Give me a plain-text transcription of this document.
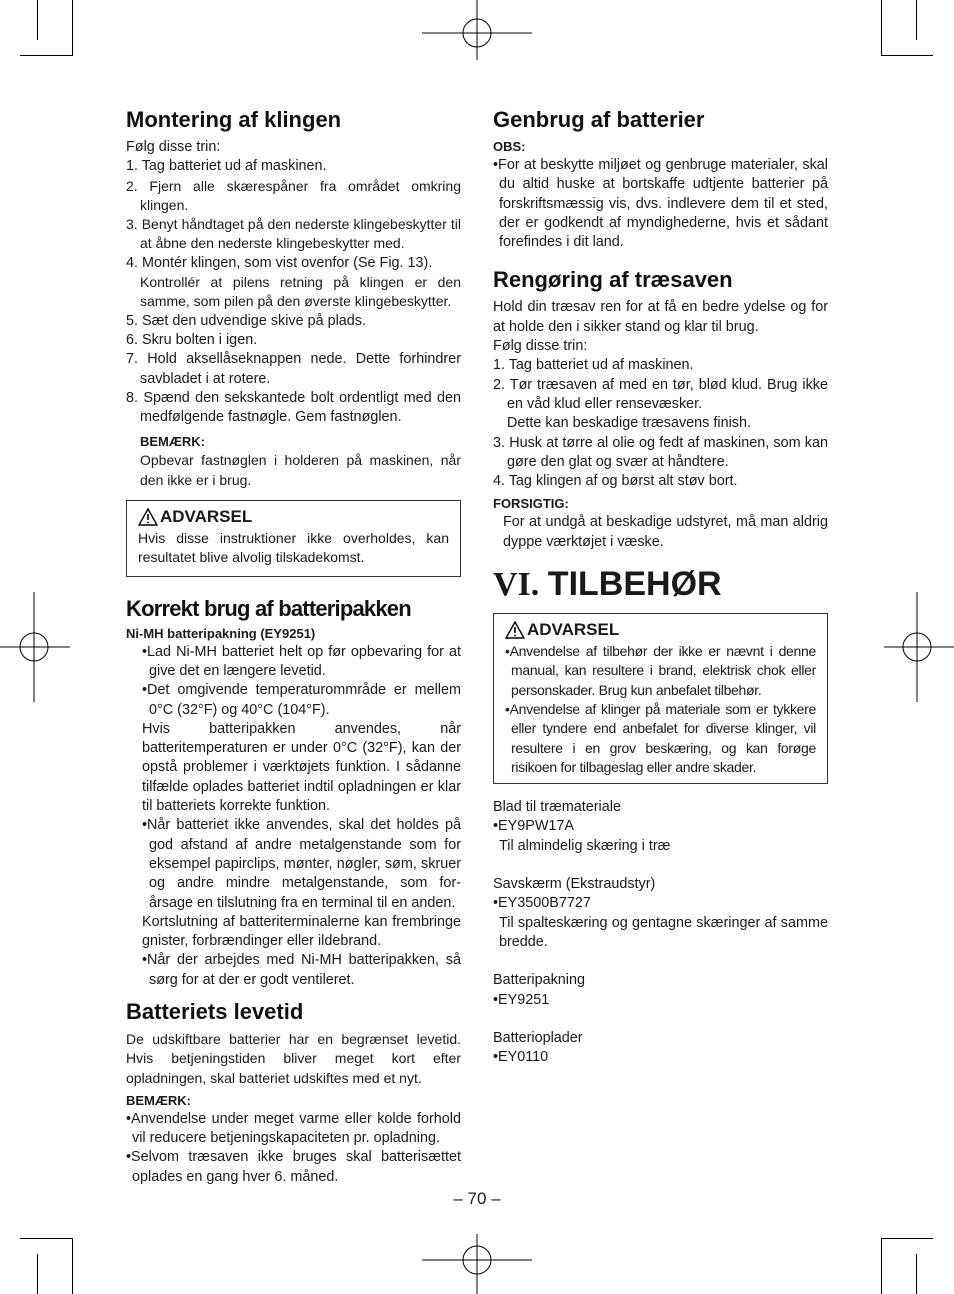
Montering af klingen

Følg disse trin:

1. Tag batteriet ud af maskinen.
2. Fjern alle skærespåner fra området omkring klingen.
3. Benyt håndtaget på den nederste klingebeskytter til at åbne den nederste klingebeskytter med.
4. Montér klingen, som vist ovenfor (Se Fig. 13).
Kontrollér at pilens retning på klingen er den samme, som pilen på den øverste klingebeskytter.
5. Sæt den udvendige skive på plads.
6. Skru bolten i igen.
7. Hold aksellåseknappen nede. Dette forhindrer savbladet i at rotere.
8. Spænd den sekskantede bolt ordentligt med den medfølgende fastnøgle. Gem fastnøglen.
BEMÆRK:

Opbevar fastnøglen i holderen på maskinen, når den ikke er i brug.

ADVARSEL

Hvis disse instruktioner ikke overholdes, kan resultatet blive alvolig tilskadekomst.

Korrekt brug af batteripakken
Ni-MH batteripakning (EY9251)
•Lad Ni-MH batteriet helt op før opbevaring for at give det en længere levetid.
•Det omgivende temperaturommråde er mellem 0°C (32°F) og 40°C (104°F).
Hvis batteripakken anvendes, når batteritemperaturen er under 0°C (32°F), kan der opstå problemer i værktøjets funktion. I sådanne tilfælde oplades batteriet indtil opladningen er klar til batteriets korrekte funktion.
•Når batteriet ikke anvendes, skal det holdes på god afstand af andre metalgenstande som for eksempel papirclips, mønter, nøgler, søm, skruer og andre mindre metalgenstande, som for-årsage en tilslutning fra en terminal til en anden.
Kortslutning af batteriterminalerne kan frembringe gnister, forbrændinger eller ildebrand.
•Når der arbejdes med Ni-MH batteripakken, så sørg for at der er godt ventileret.
Batteriets levetid

De udskiftbare batterier har en begrænset levetid. Hvis betjeningstiden bliver meget kort efter opladningen, skal batteriet udskiftes med et nyt.

BEMÆRK:
•Anvendelse under meget varme eller kolde forhold vil reducere betjeningskapaciteten pr. opladning.
•Selvom træsaven ikke bruges skal batterisættet oplades en gang hver 6. måned.
Genbrug af batterier
OBS:
•For at beskytte miljøet og genbruge materialer, skal du altid huske at bortskaffe udtjente batterier på forskriftsmæssig vis, dvs. indlevere dem til et sted, der er godkendt af myndighederne, hvis et sådant forefindes i dit land.
Rengøring af træsaven

Hold din træsav ren for at få en bedre ydelse og for at holde den i sikker stand og klar til brug.

Følg disse trin:

1. Tag batteriet ud af maskinen.
2. Tør træsaven af med en tør, blød klud. Brug ikke en våd klud eller rensevæsker.
Dette kan beskadige træsavens finish.
3. Husk at tørre al olie og fedt af maskinen, som kan gøre den glat og svær at håndtere.
4. Tag klingen af og børst alt støv bort.
FORSIGTIG:

For at undgå at beskadige udstyret, må man aldrig dyppe værktøjet i væske.

VI. TILBEHØR
ADVARSEL
•Anvendelse af tilbehør der ikke er nævnt i denne manual, kan resultere i brand, elektrisk chok eller personskader. Brug kun anbefalet tilbehør.
•Anvendelse af klinger på materiale som er tykkere eller tyndere end anbefalet for diverse klinger, vil resultere i en grov beskæring, og kan forøge risikoen for tilbageslag eller andre skader.

Blad til træmateriale

•EY9PW17A

Til almindelig skæring i træ

Savskærm (Ekstraudstyr)

•EY3500B7727

Til spalteskæring og gentagne skæringer af samme bredde.

Batteripakning

•EY9251

Batterioplader

•EY0110

– 70 –
